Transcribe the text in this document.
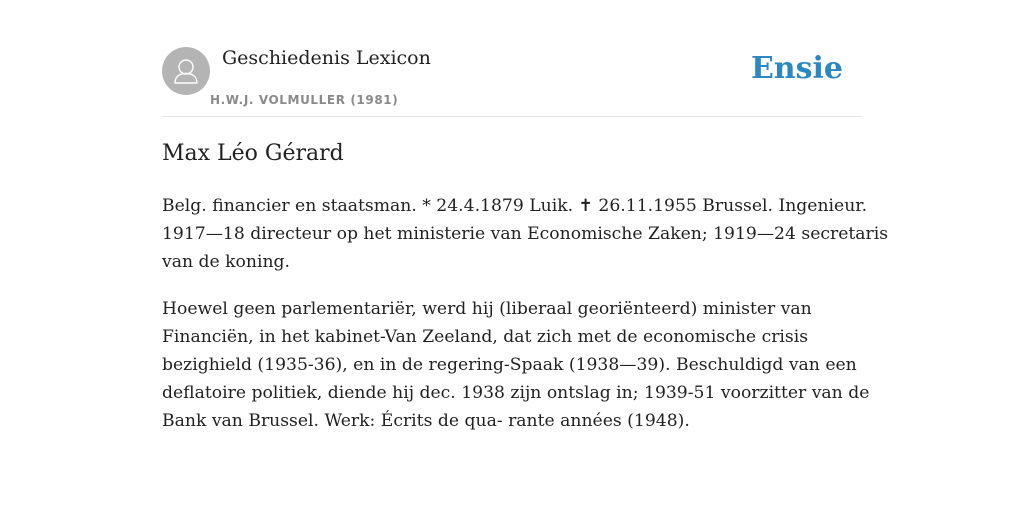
Geschiedenis Lexicon
H.W.J. VOLMULLER (1981)
Ensie
Max Léo Gérard

Belg. financier en staatsman. * 24.4.1879 Luik. ✝ 26.11.1955 Brussel. Ingenieur.
1917—18 directeur op het ministerie van Economische Zaken; 1919—24 secretaris
van de koning.

Hoewel geen parlementariër, werd hij (liberaal georiënteerd) minister van
Financiën, in het kabinet-Van Zeeland, dat zich met de economische crisis
bezighield (1935-36), en in de regering-Spaak (1938—39). Beschuldigd van een
deflatoire politiek, diende hij dec. 1938 zijn ontslag in; 1939-51 voorzitter van de
Bank van Brussel. Werk: Écrits de qua- rante années (1948).
